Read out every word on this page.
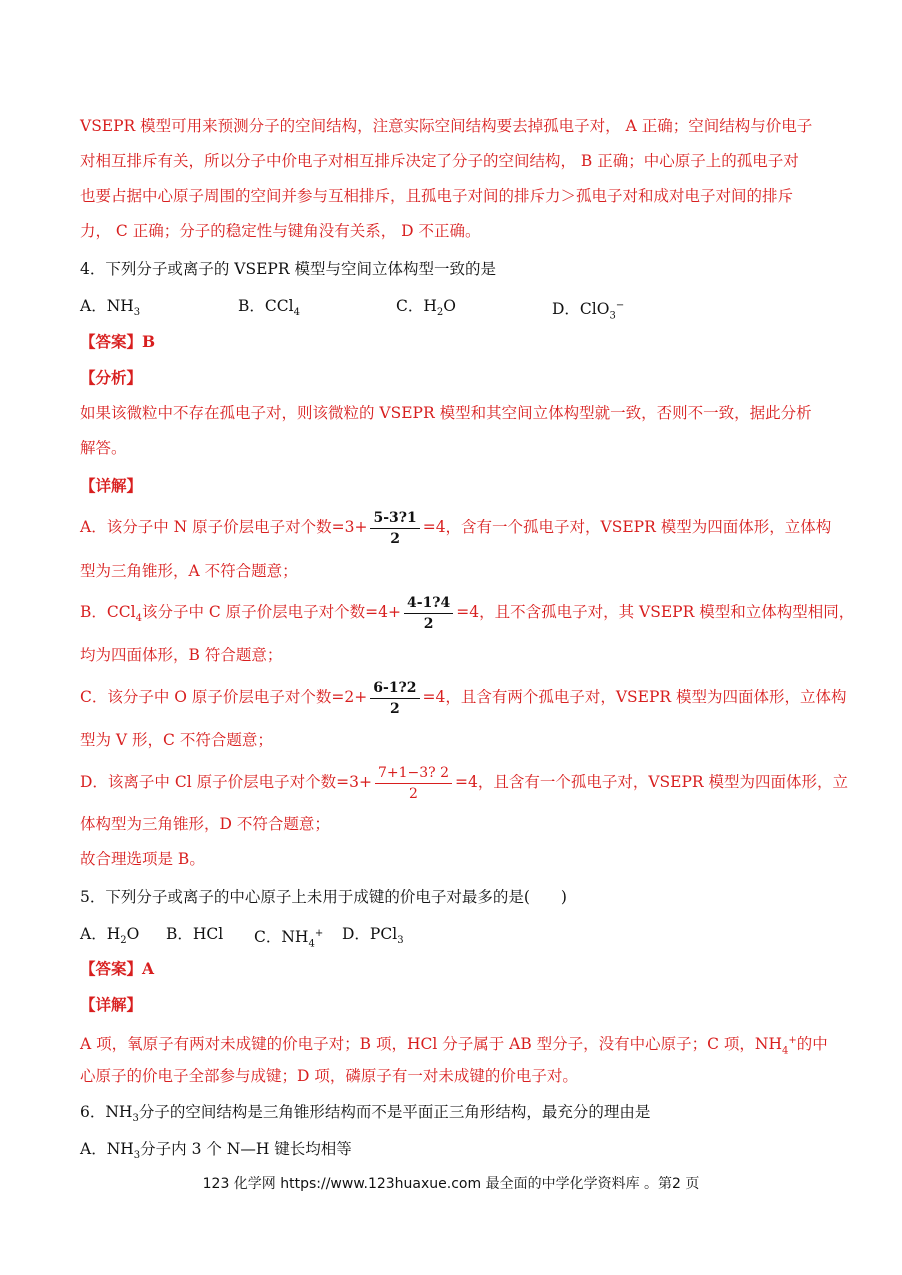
VSEPR 模型可用来预测分子的空间结构，注意实际空间结构要去掉孤电子对， A 正确；空间结构与价电子
对相互排斥有关，所以分子中价电子对相互排斥决定了分子的空间结构， B 正确；中心原子上的孤电子对
也要占据中心原子周围的空间并参与互相排斥，且孤电子对间的排斥力＞孤电子对和成对电子对间的排斥
力， C 正确；分子的稳定性与键角没有关系， D 不正确。
4．下列分子或离子的 VSEPR 模型与空间立体构型一致的是
A．$NH_3$	B．CCl$_4$	C．$H_2O$	D．ClO$_3$−
【答案】B
【分析】
如果该微粒中不存在孤电子对，则该微粒的 VSEPR 模型和其空间立体构型就一致，否则不一致，据此分析
解答。
【详解】
A．该分子中 N 原子价层电子对个数$=3+ \frac{5-3?1}{2} =4$，含有一个孤电子对，VSEPR 模型为四面体形，立体构
型为三角锥形，A 不符合题意；
B．CCl$_4$该分子中 C 原子价层电子对个数$=4+ \frac{4-1?4}{2} =4$，且不含孤电子对，其 VSEPR 模型和立体构型相同，
均为四面体形，B 符合题意；
C．该分子中 O 原子价层电子对个数$=2+ \frac{6-1?2}{2} =4$，且含有两个孤电子对，VSEPR 模型为四面体形，立体构
型为 V 形，C 不符合题意；
D．该离子中 Cl 原子价层电子对个数$=3+ \frac{7+1-3? 2}{2} =4$，且含有一个孤电子对，VSEPR 模型为四面体形，立
体构型为三角锥形，D 不符合题意；
故合理选项是 B。
5．下列分子或离子的中心原子上未用于成键的价电子对最多的是(　　)
A．$H_2O$ B．HCl C．$NH_4^+$ D．PCl$_3$
【答案】A
【详解】
A 项，氧原子有两对未成键的价电子对；B 项，HCl 分子属于 AB 型分子，没有中心原子；C 项，$NH_4^+$的中
心原子的价电子全部参与成键；D 项，磷原子有一对未成键的价电子对。
6．$NH_3$分子的空间结构是三角锥形结构而不是平面正三角形结构，最充分的理由是
A．$NH_3$分子内 3 个 N—H 键长均相等
123 化学网 https://www.123huaxue.com 最全面的中学化学资料库 。第2 页
